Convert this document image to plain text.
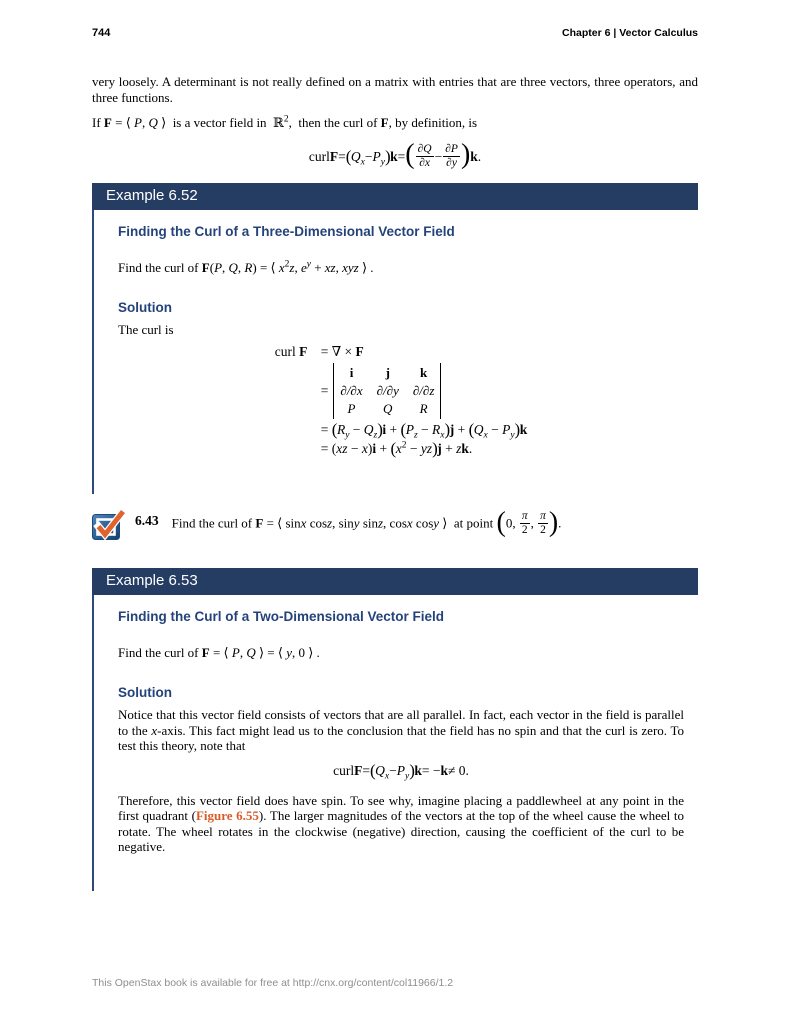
744	Chapter 6 | Vector Calculus

very loosely. A determinant is not really defined on a matrix with entries that are three vectors, three operators, and three functions.

If F = ⟨ P, Q ⟩  is a vector field in  ℝ$^2$,  then the curl of F, by definition, is

curl F = ( $Q_x - P_y$ ) k = ( $\frac{\partial Q}{\partial x} - \frac{\partial P}{\partial y}$ ) k .
Example 6.52
Finding the Curl of a Three-Dimensional Vector Field

Find the curl of F(P, Q, R) = ⟨ $x^2z$, $e^y$ + xz, xyz ⟩ .

Solution

The curl is

curl F = ∇ × F
=
i	j	k
∂/∂x ∂/∂y ∂/∂z
P	Q	R
= $(R_y - Q_z)i + (P_z - R_x)j + (Q_x - P_y)k$
= $(xz - x)i + (x^2 - yz)j$ + zk.
6.43 Find the curl of F = ⟨ sinx cosz, siny sinz, cosx cosy ⟩  at point (0, $\frac{\pi}{2}$ , $\frac{\pi}{2}$ ).
Example 6.53
Finding the Curl of a Two-Dimensional Vector Field

Find the curl of F = ⟨ P, Q ⟩ = ⟨ y, 0 ⟩ .

Solution

Notice that this vector field consists of vectors that are all parallel. In fact, each vector in the field is parallel to the x-axis. This fact might lead us to the conclusion that the field has no spin and that the curl is zero. To test this theory, note that

curl F = ( $Q_x - P_y$ ) k = − k ≠ 0.

Therefore, this vector field does have spin. To see why, imagine placing a paddlewheel at any point in the first quadrant (Figure 6.55). The larger magnitudes of the vectors at the top of the wheel cause the wheel to rotate. The wheel rotates in the clockwise (negative) direction, causing the coefficient of the curl to be negative.

This OpenStax book is available for free at http://cnx.org/content/col11966/1.2
